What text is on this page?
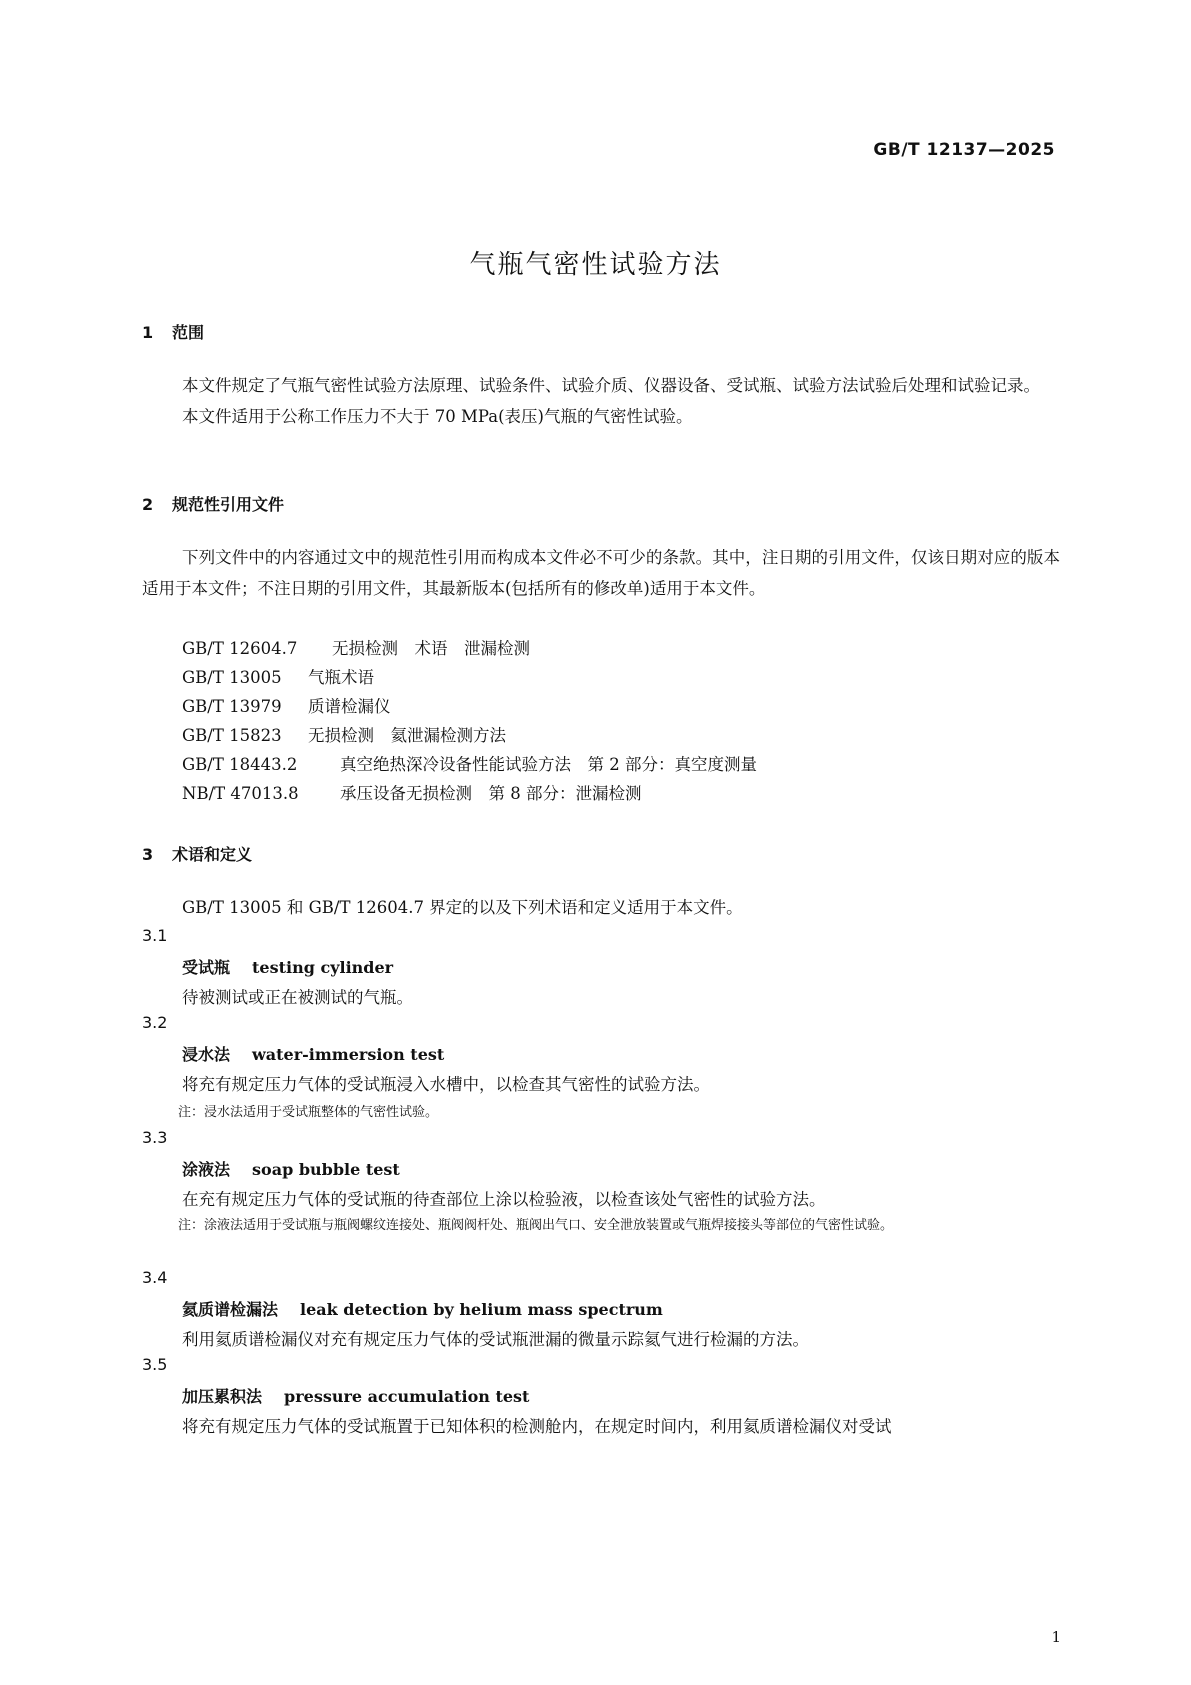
GB/T 12137—2025
气瓶气密性试验方法
1 范围

本文件规定了气瓶气密性试验方法原理、试验条件、试验介质、仪器设备、受试瓶、试验方法试验后处理和试验记录。

本文件适用于公称工作压力不大于 70 MPa(表压)气瓶的气密性试验。

2 规范性引用文件

下列文件中的内容通过文中的规范性引用而构成本文件必不可少的条款。其中，注日期的引用文件，仅该日期对应的版本适用于本文件；不注日期的引用文件，其最新版本(包括所有的修改单)适用于本文件。

GB/T 12604.7 无损检测　术语　泄漏检测
GB/T 13005 气瓶术语
GB/T 13979 质谱检漏仪
GB/T 15823 无损检测　氦泄漏检测方法
GB/T 18443.2	真空绝热深冷设备性能试验方法　第 2 部分：真空度测量
NB/T 47013.8	承压设备无损检测　第 8 部分：泄漏检测
3 术语和定义
GB/T 13005 和 GB/T 12604.7 界定的以及下列术语和定义适用于本文件。
3.1
受试瓶 testing cylinder
待被测试或正在被测试的气瓶。
3.2
浸水法 water-immersion test
将充有规定压力气体的受试瓶浸入水槽中，以检查其气密性的试验方法。
注：浸水法适用于受试瓶整体的气密性试验。
3.3
涂液法 soap bubble test
在充有规定压力气体的受试瓶的待查部位上涂以检验液，以检查该处气密性的试验方法。
注：涂液法适用于受试瓶与瓶阀螺纹连接处、瓶阀阀杆处、瓶阀出气口、安全泄放装置或气瓶焊接接头等部位的气密性试验。
3.4
氦质谱检漏法 leak detection by helium mass spectrum
利用氦质谱检漏仪对充有规定压力气体的受试瓶泄漏的微量示踪氦气进行检漏的方法。
3.5
加压累积法 pressure accumulation test
将充有规定压力气体的受试瓶置于已知体积的检测舱内，在规定时间内，利用氦质谱检漏仪对受试
1
